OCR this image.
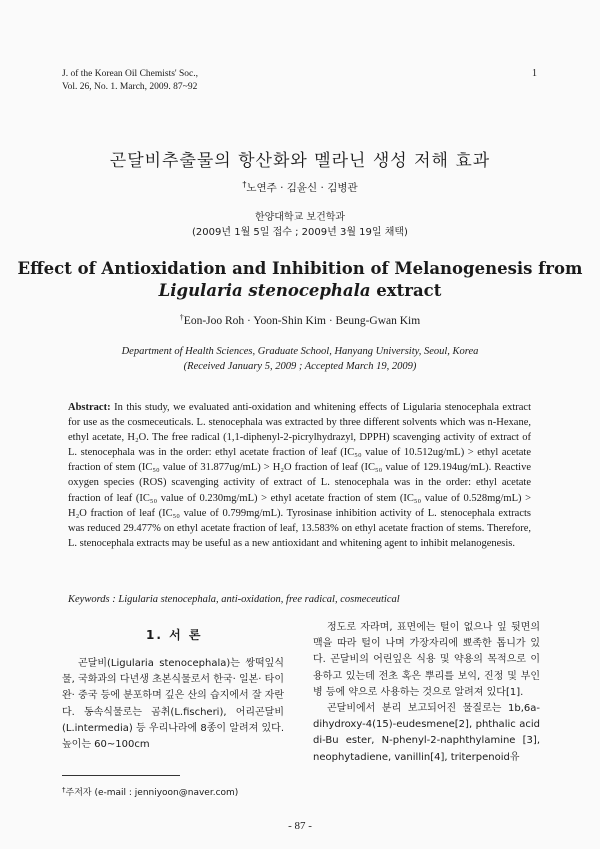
J. of the Korean Oil Chemists' Soc.,
Vol. 26, No. 1. March, 2009. 87~92
1
곤달비추출물의 항산화와 멜라닌 생성 저해 효과
†노연주 · 김윤신 · 김병관
한양대학교 보건학과
(2009년 1월 5일 접수 ; 2009년 3월 19일 채택)
Effect of Antioxidation and Inhibition of Melanogenesis from
Ligularia stenocephala extract
†Eon-Joo Roh · Yoon-Shin Kim · Beung-Gwan Kim
Department of Health Sciences, Graduate School, Hanyang University, Seoul, Korea
(Received January 5, 2009 ; Accepted March 19, 2009)
Abstract: In this study, we evaluated anti-oxidation and whitening effects of Ligularia stenocephala extract for use as the cosmeceuticals. L. stenocephala was extracted by three different solvents which was n-Hexane, ethyl acetate, H₂O. The free radical (1,1-diphenyl-2-picrylhydrazyl, DPPH) scavenging activity of extract of L. stenocephala was in the order: ethyl acetate fraction of leaf (IC₅₀ value of 10.512ug/mL) > ethyl acetate fraction of stem (IC₅₀ value of 31.877ug/mL) > H₂O fraction of leaf (IC₅₀ value of 129.194ug/mL). Reactive oxygen species (ROS) scavenging activity of extract of L. stenocephala was in the order: ethyl acetate fraction of leaf (IC₅₀ value of 0.230mg/mL) > ethyl acetate fraction of stem (IC₅₀ value of 0.528mg/mL) > H₂O fraction of leaf (IC₅₀ value of 0.799mg/mL). Tyrosinase inhibition activity of L. stenocephala extracts was reduced 29.477% on ethyl acetate fraction of leaf, 13.583% on ethyl acetate fraction of stems. Therefore, L. stenocephala extracts may be useful as a new antioxidant and whitening agent to inhibit melanogenesis.
Keywords : Ligularia stenocephala, anti-oxidation, free radical, cosmeceutical
1. 서 론

곤달비(Ligularia stenocephala)는 쌍떡잎식물, 국화과의 다년생 초본식물로서 한국· 일본· 타이완· 중국 등에 분포하며 깊은 산의 습지에서 잘 자란다. 동속식물로는 곰취(L.fischeri), 어리곤달비(L.intermedia) 등 우리나라에 8종이 알려져 있다. 높이는 60~100cm

정도로 자라며, 표면에는 털이 없으나 잎 뒷면의 맥을 따라 털이 나며 가장자리에 뾰족한 톱니가 있다. 곤달비의 어린잎은 식용 및 약용의 목적으로 이용하고 있는데 전초 혹은 뿌리를 보익, 진정 및 부인병 등에 약으로 사용하는 것으로 알려져 있다[1].

곤달비에서 분리 보고되어진 물질로는 1b,6a-dihydroxy-4(15)-eudesmene[2], phthalic acid di-Bu ester, N-phenyl-2-naphthylamine [3], neophytadiene, vanillin[4], triterpenoid유

†주저자 (e-mail : jenniyoon@naver.com)
- 87 -
